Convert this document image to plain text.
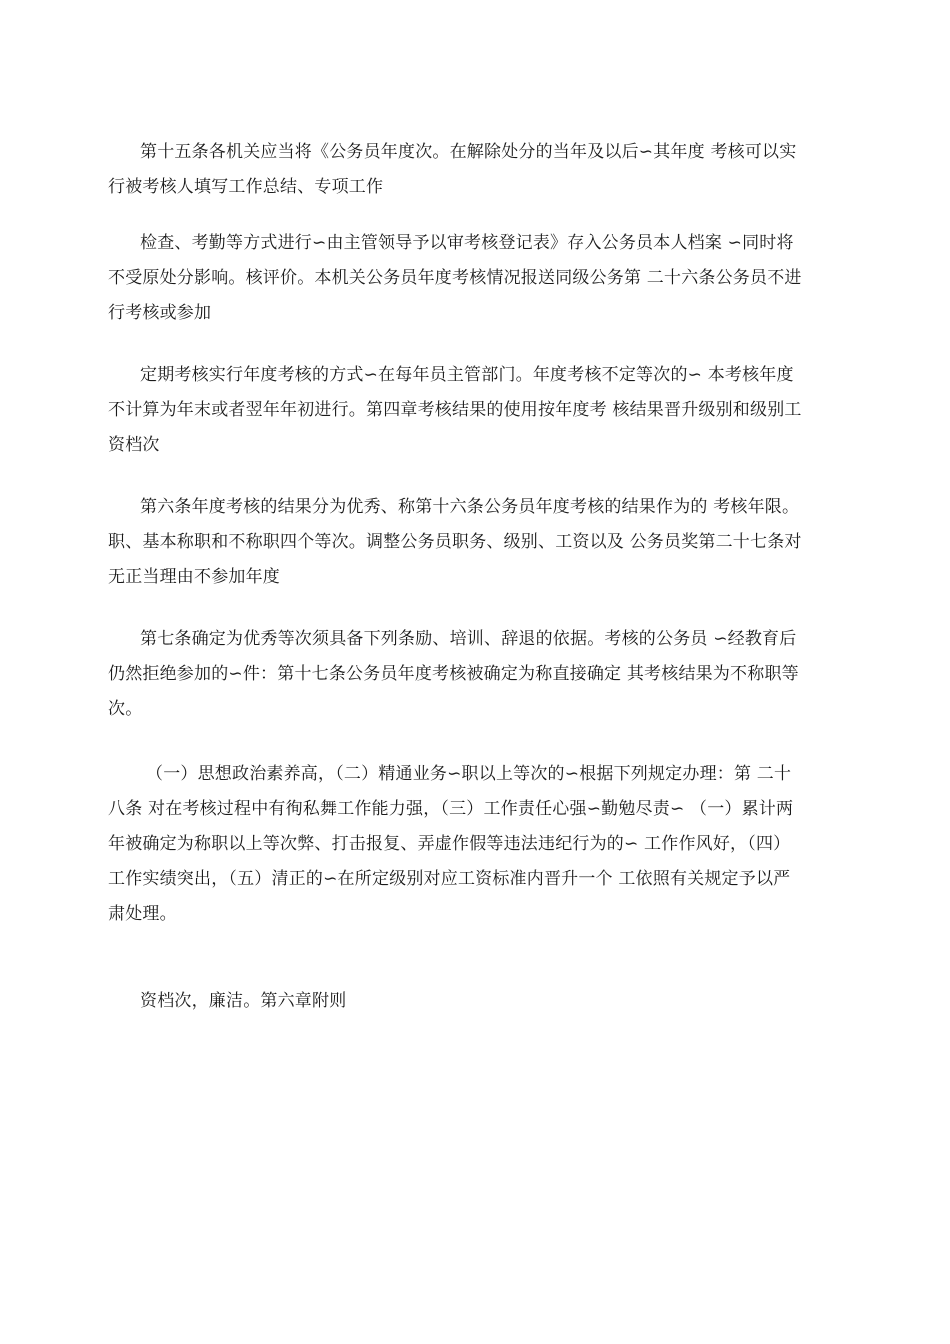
第十五条各机关应当将《公务员年度次。在解除处分的当年及以后∽其年度 考核可以实
行被考核人填写工作总结、专项工作
检查、考勤等方式进行∽由主管领导予以审考核登记表》存入公务员本人档案 ∽同时将
不受原处分影响。核评价。本机关公务员年度考核情况报送同级公务第 二十六条公务员不进
行考核或参加
定期考核实行年度考核的方式∽在每年员主管部门。年度考核不定等次的∽ 本考核年度
不计算为年末或者翌年年初进行。第四章考核结果的使用按年度考 核结果晋升级别和级别工
资档次
第六条年度考核的结果分为优秀、称第十六条公务员年度考核的结果作为的 考核年限。
职、基本称职和不称职四个等次。调整公务员职务、级别、工资以及 公务员奖第二十七条对
无正当理由不参加年度
第七条确定为优秀等次须具备下列条励、培训、辞退的依据。考核的公务员 ∽经教育后
仍然拒绝参加的∽件：第十七条公务员年度考核被确定为称直接确定 其考核结果为不称职等
次。
（一）思想政治素养高，（二）精通业务∽职以上等次的∽根据下列规定办理：第 二十
八条 对在考核过程中有徇私舞工作能力强，（三）工作责任心强∽勤勉尽责∽ （一）累计两
年被确定为称职以上等次弊、打击报复、弄虚作假等违法违纪行为的∽ 工作作风好，（四）
工作实绩突出，（五）清正的∽在所定级别对应工资标准内晋升一个 工依照有关规定予以严
肃处理。
资档次，廉洁。第六章附则
